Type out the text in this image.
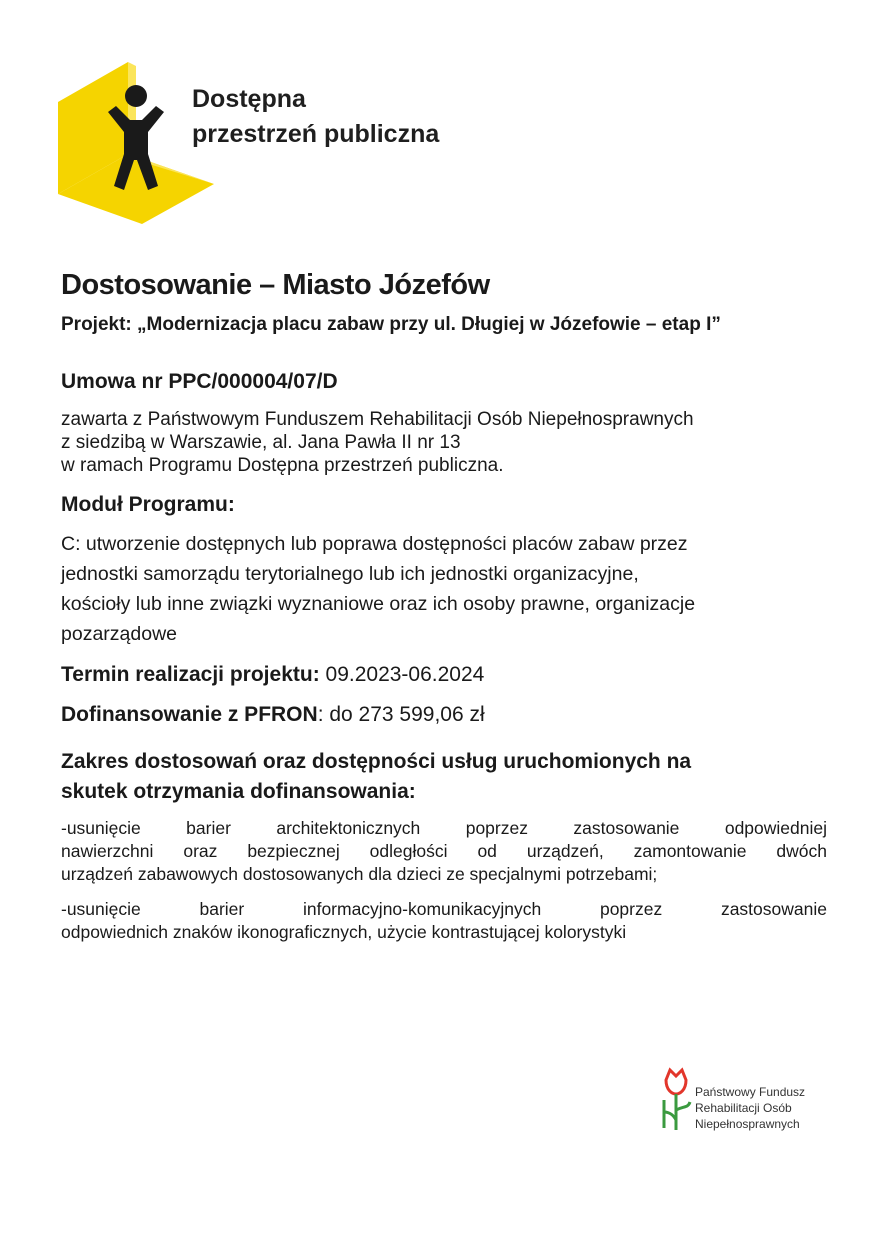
Dostępna
przestrzeń publiczna
Dostosowanie – Miasto Józefów
Projekt: „Modernizacja placu zabaw przy ul. Długiej w Józefowie – etap I”
Umowa nr PPC/000004/07/D
zawarta z Państwowym Funduszem Rehabilitacji Osób Niepełnosprawnych
z siedzibą w Warszawie, al. Jana Pawła II nr 13
w ramach Programu Dostępna przestrzeń publiczna.
Moduł Programu:
C: utworzenie dostępnych lub poprawa dostępności placów zabaw przez
jednostki samorządu terytorialnego lub ich jednostki organizacyjne,
kościoły lub inne związki wyznaniowe oraz ich osoby prawne, organizacje
pozarządowe
Termin realizacji projektu: 09.2023-06.2024
Dofinansowanie z PFRON: do 273 599,06 zł
Zakres dostosowań oraz dostępności usług uruchomionych na
skutek otrzymania dofinansowania:
-usunięcie barier architektonicznych poprzez zastosowanie odpowiedniej
nawierzchni oraz bezpiecznej odległości od urządzeń, zamontowanie dwóch
urządzeń zabawowych dostosowanych dla dzieci ze specjalnymi potrzebami;
-usunięcie barier informacyjno-komunikacyjnych poprzez zastosowanie
odpowiednich znaków ikonograficznych, użycie kontrastującej kolorystyki
Państwowy Fundusz
Rehabilitacji Osób
Niepełnosprawnych
